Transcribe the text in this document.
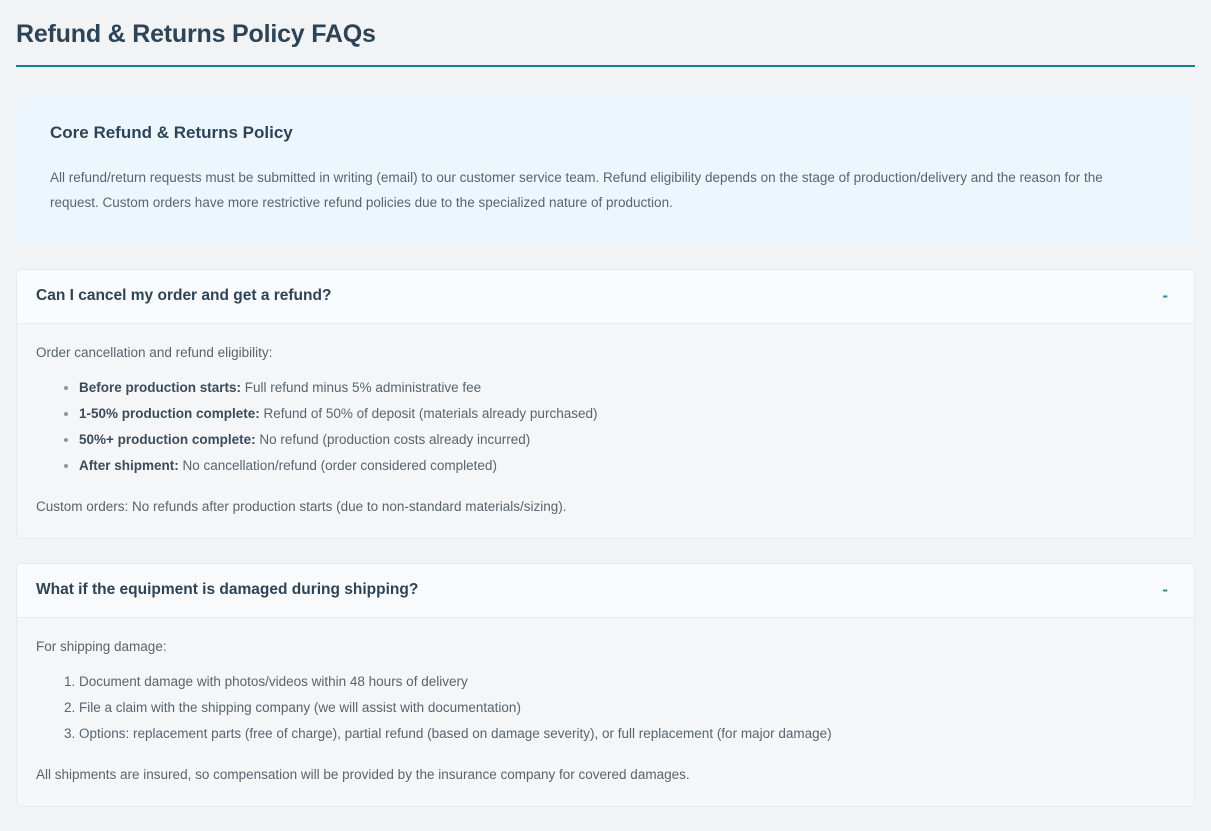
Refund & Returns Policy FAQs
Core Refund & Returns Policy

All refund/return requests must be submitted in writing (email) to our customer service team. Refund eligibility depends on the stage of production/delivery and the reason for the request. Custom orders have more restrictive refund policies due to the specialized nature of production.

Can I cancel my order and get a refund?	-

Order cancellation and refund eligibility:

• Before production starts: Full refund minus 5% administrative fee
• 1-50% production complete: Refund of 50% of deposit (materials already purchased)
• 50%+ production complete: No refund (production costs already incurred)
• After shipment: No cancellation/refund (order considered completed)

Custom orders: No refunds after production starts (due to non-standard materials/sizing).

What if the equipment is damaged during shipping?	-

For shipping damage:

1. Document damage with photos/videos within 48 hours of delivery
2. File a claim with the shipping company (we will assist with documentation)
3. Options: replacement parts (free of charge), partial refund (based on damage severity), or full replacement (for major damage)

All shipments are insured, so compensation will be provided by the insurance company for covered damages.
